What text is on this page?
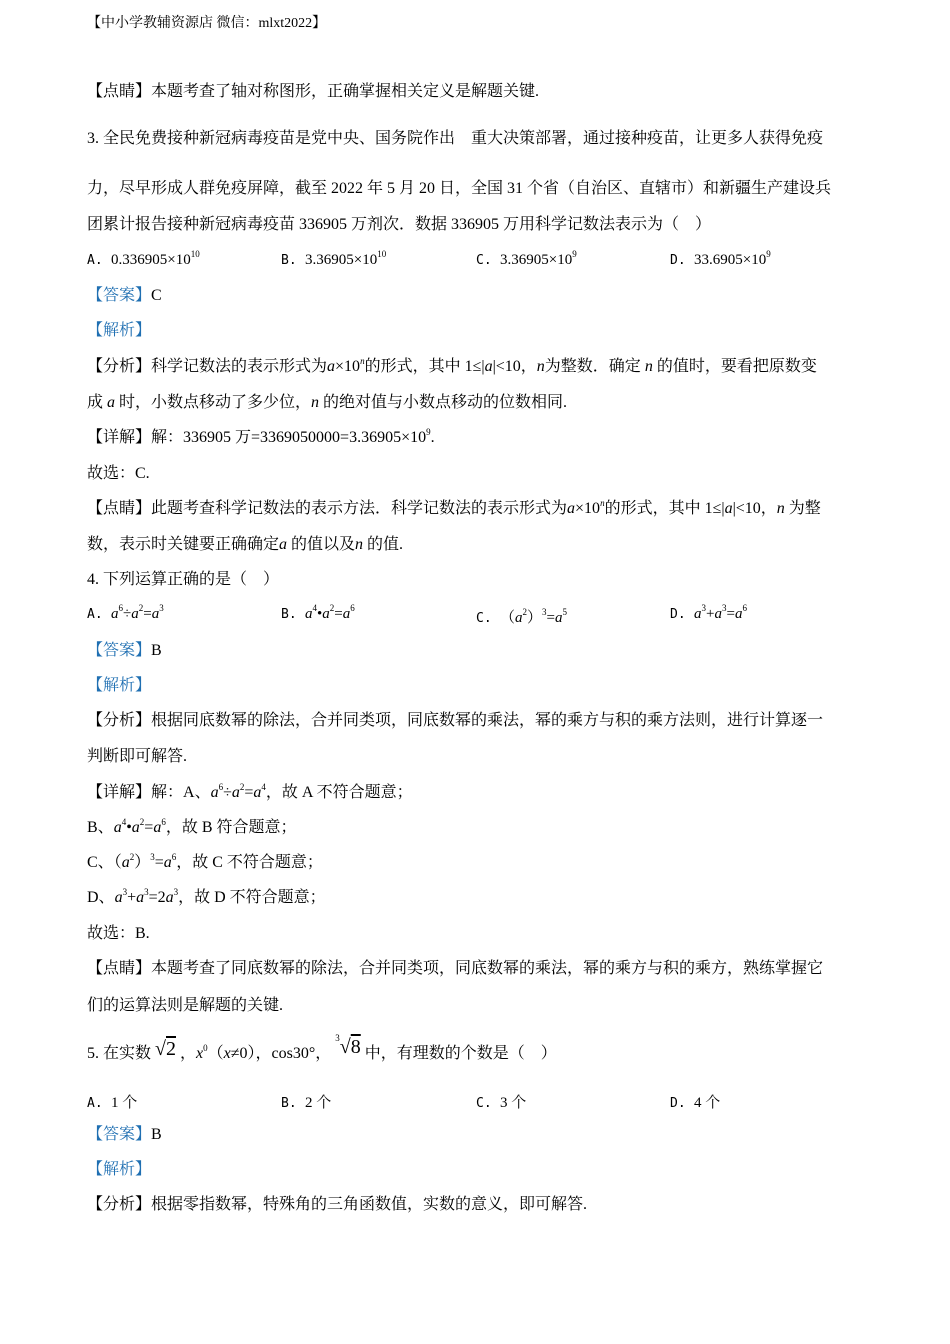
【中小学教辅资源店 微信：mlxt2022】
【点睛】本题考查了轴对称图形，正确掌握相关定义是解题关键.
3. 全民免费接种新冠病毒疫苗是党中央、国务院作出　重大决策部署，通过接种疫苗，让更多人获得免疫
力，尽早形成人群免疫屏障，截至 2022 年 5 月 20 日，全国 31 个省（自治区、直辖市）和新疆生产建设兵
团累计报告接种新冠病毒疫苗 336905 万剂次．数据 336905 万用科学记数法表示为（　）
A. $0.336905\times 10^{10}$	B. $3.36905\times 10^{10}$	C. $3.36905\times 10^9$	D. $33.6905\times 10^9$
【答案】C
【解析】
【分析】科学记数法的表示形式为$a\times 10^n$的形式，其中 1≤|a|<10，n为整数．确定 n 的值时，要看把原数变
成 a 时，小数点移动了多少位，n 的绝对值与小数点移动的位数相同.
【详解】解：336905 万$=3369050000=3.36905\times 10^9$.
故选：C.
【点睛】此题考查科学记数法的表示方法．科学记数法的表示形式为$a\times 10^n$的形式，其中 1≤|a|<10，n 为整
数，表示时关键要正确确定a 的值以及n 的值.
4. 下列运算正确的是（　）
A. $a^6\div a^2=a^3$	B. $a^4•a^2=a^6$
C. $(a^2)^3=a^5$	D. $a^3+a^3=a^6$
【答案】B
【解析】
【分析】根据同底数幂的除法，合并同类项，同底数幂的乘法，幂的乘方与积的乘方法则，进行计算逐一
判断即可解答.
【详解】解：A、$a^6\div a^2=a^4$，故 A 不符合题意；
B、$a^4•a^2=a^6$，故 B 符合题意；
C、$(a^2)^3=a^6$，故 C 不符合题意；
D、$a^3+a^3=2a^3$，故 D 不符合题意；
故选：B.
【点睛】本题考查了同底数幂的除法，合并同类项，同底数幂的乘法，幂的乘方与积的乘方，熟练掌握它
们的运算法则是解题的关键.
5. 在实数 √2 ，$x^0(x\ne 0)$，cos30°， $^3$√8 中，有理数的个数是（　）
A. 1 个	B. 2 个	C. 3 个	D. 4 个
【答案】B
【解析】
【分析】根据零指数幂，特殊角的三角函数值，实数的意义，即可解答.
